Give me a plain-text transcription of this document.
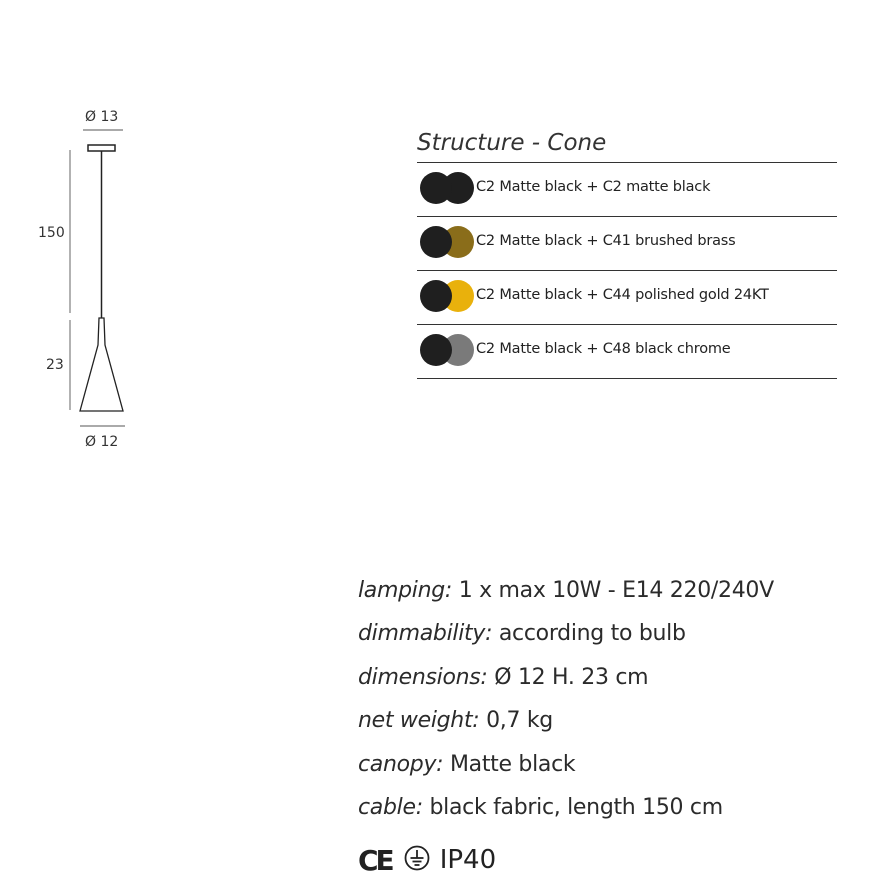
Ø 13
150
23
Ø 12
Structure - Cone
C2 Matte black + C2 matte black
C2 Matte black + C41 brushed brass
C2 Matte black + C44 polished gold 24KT
C2 Matte black + C48 black chrome
lamping: 1 x max 10W - E14 220/240V
dimmability: according to bulb
dimensions: Ø 12 H. 23 cm
net weight: 0,7 kg
canopy: Matte black
cable: black fabric, length 150 cm
CE IP40
